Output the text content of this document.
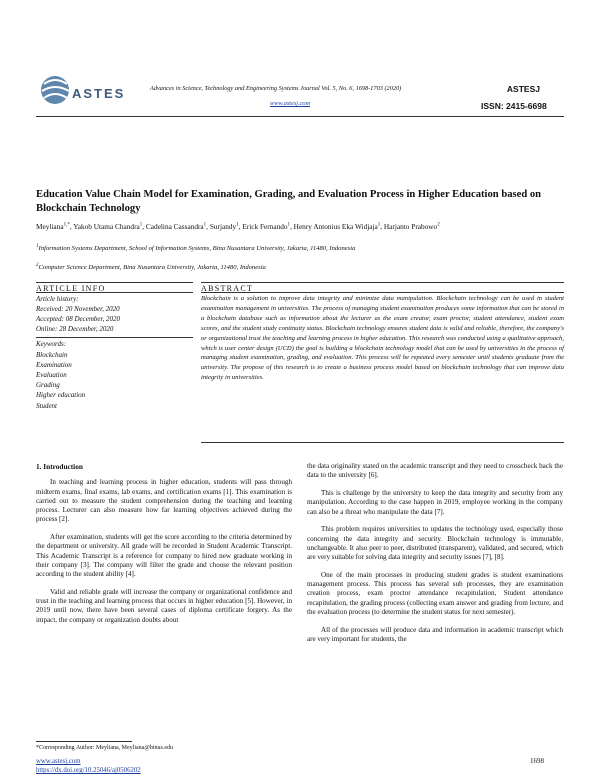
ASTES	Advances in Science, Technology and Engineering Systems Journal Vol. 5, No. 6, 1698-1703 (2020)
www.astesj.com
ASTESJ
ISSN: 2415-6698
Education Value Chain Model for Examination, Grading, and Evaluation Process in Higher Education based on Blockchain Technology
Meyliana$^{1,*}$, Yakob Utama Chandra$^1$, Cadelina Cassandra$^1$, Surjandy$^1$, Erick Fernando$^1$, Henry Antonius Eka Widjaja$^1$, Harjanto Prabowo$^2$
$^1$Information Systems Department, School of Information Systems, Bina Nusantara University, Jakarta, 11480, Indonesia
$^2$Computer Science Department, Bina Nusantara University, Jakarta, 11480, Indonesia
ARTICLE INFO
Article history:
Received: 20 November, 2020
Accepted: 08 December, 2020
Online: 28 December, 2020
Keywords:
Blockchain
Examination
Evaluation
Grading
Higher education
Student
ABSTRACT
Blockchain is a solution to improve data integrity and minimize data manipulation. Blockchain technology can be used in student examination management in universities. The process of managing student examination produces some information that can be stored in a blockchain database such as information about the lecturer as the exam creator, exam proctor, student attendance, student exam scores, and the student study continuity status. Blockchain technology ensures student data is valid and reliable, therefore, the company's or organizational trust the teaching and learning process in higher education. This research was conducted using a qualitative approach, which is user center design (UCD) the goal is building a blockchain technology model that can be used by universities in the process of managing student examination, grading, and evaluation. This process will be repeated every semester until students graduate from the university. The propose of this research is to create a business process model based on blockchain technology that can improve data integrity in universities.
1. Introduction

In teaching and learning process in higher education, students will pass through midterm exams, final exams, lab exams, and certification exams [1]. This examination is carried out to measure the student comprehension during the teaching and learning process. Lecturer can also measure how far learning objectives achieved during the process [2].

After examination, students will get the score according to the criteria determined by the department or university. All grade will be recorded in Student Academic Transcript. This Academic Transcript is a reference for company to hired new graduate working in their company [3]. The company will filter the grade and choose the relevant position according to the student ability [4].

Valid and reliable grade will increase the company or organizational confidence and trust in the teaching and learning process that occurs in higher education [5]. However, in 2019 until now, there have been several cases of diploma certificate forgery. As the impact, the company or organization doubts about

the data originality stated on the academic transcript and they need to crosscheck back the data to the university [6].

This is challenge by the university to keep the data integrity and security from any manipulation. According to the case happen in 2019, employee working in the company can also be a threat who manipulate the data [7].

This problem requires universities to updates the technology used, especially those concerning the data integrity and security. Blockchain technology is immutable, unchangeable. It also peer to peer, distributed (transparent), validated, and secured, which are very suitable for solving data integrity and security issues [7], [8].

One of the main processes in producing student grades is student examinations management process. This process has several sub processes, they are examination creation process, exam proctor attendance recapitulation, Student attendance recapitulation, the grading process (collecting exam answer and grading from lecture, and the evaluation process (to determine the student status for next semester).

All of the processes will produce data and information in academic transcript which are very important for students, the

*Corresponding Author: Meyliana, Meyliana@binus.edu
www.astesj.com
https://dx.doi.org/10.25046/aj0506202
1698
